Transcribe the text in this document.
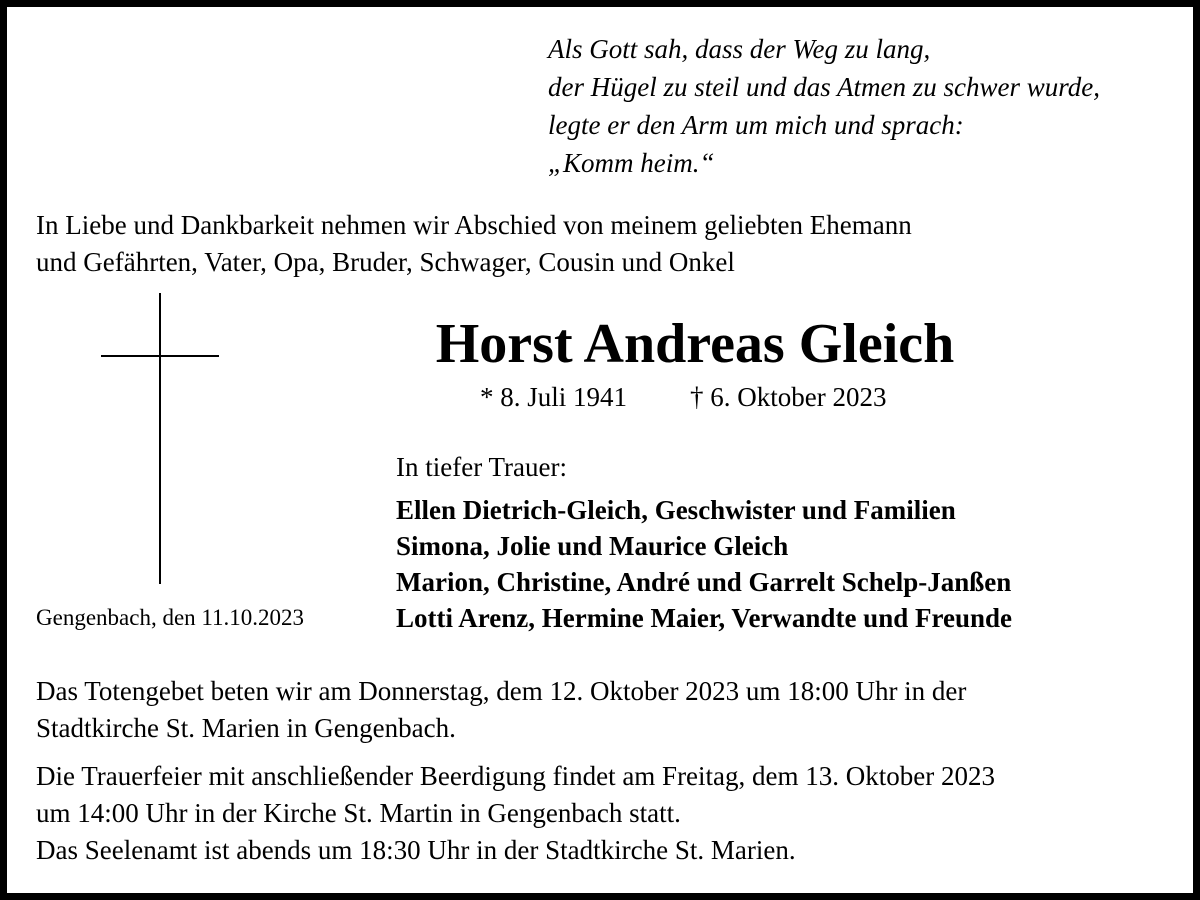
Als Gott sah, dass der Weg zu lang,
der Hügel zu steil und das Atmen zu schwer wurde,
legte er den Arm um mich und sprach:
„Komm heim.“
In Liebe und Dankbarkeit nehmen wir Abschied von meinem geliebten Ehemann
und Gefährten, Vater, Opa, Bruder, Schwager, Cousin und Onkel
Horst Andreas Gleich
* 8. Juli 1941 † 6. Oktober 2023
In tiefer Trauer:
Ellen Dietrich-Gleich, Geschwister und Familien
Simona, Jolie und Maurice Gleich
Marion, Christine, André und Garrelt Schelp-Janßen
Lotti Arenz, Hermine Maier, Verwandte und Freunde
Gengenbach, den 11.10.2023
Das Totengebet beten wir am Donnerstag, dem 12. Oktober 2023 um 18:00 Uhr in der
Stadtkirche St. Marien in Gengenbach.
Die Trauerfeier mit anschließender Beerdigung findet am Freitag, dem 13. Oktober 2023
um 14:00 Uhr in der Kirche St. Martin in Gengenbach statt.
Das Seelenamt ist abends um 18:30 Uhr in der Stadtkirche St. Marien.
